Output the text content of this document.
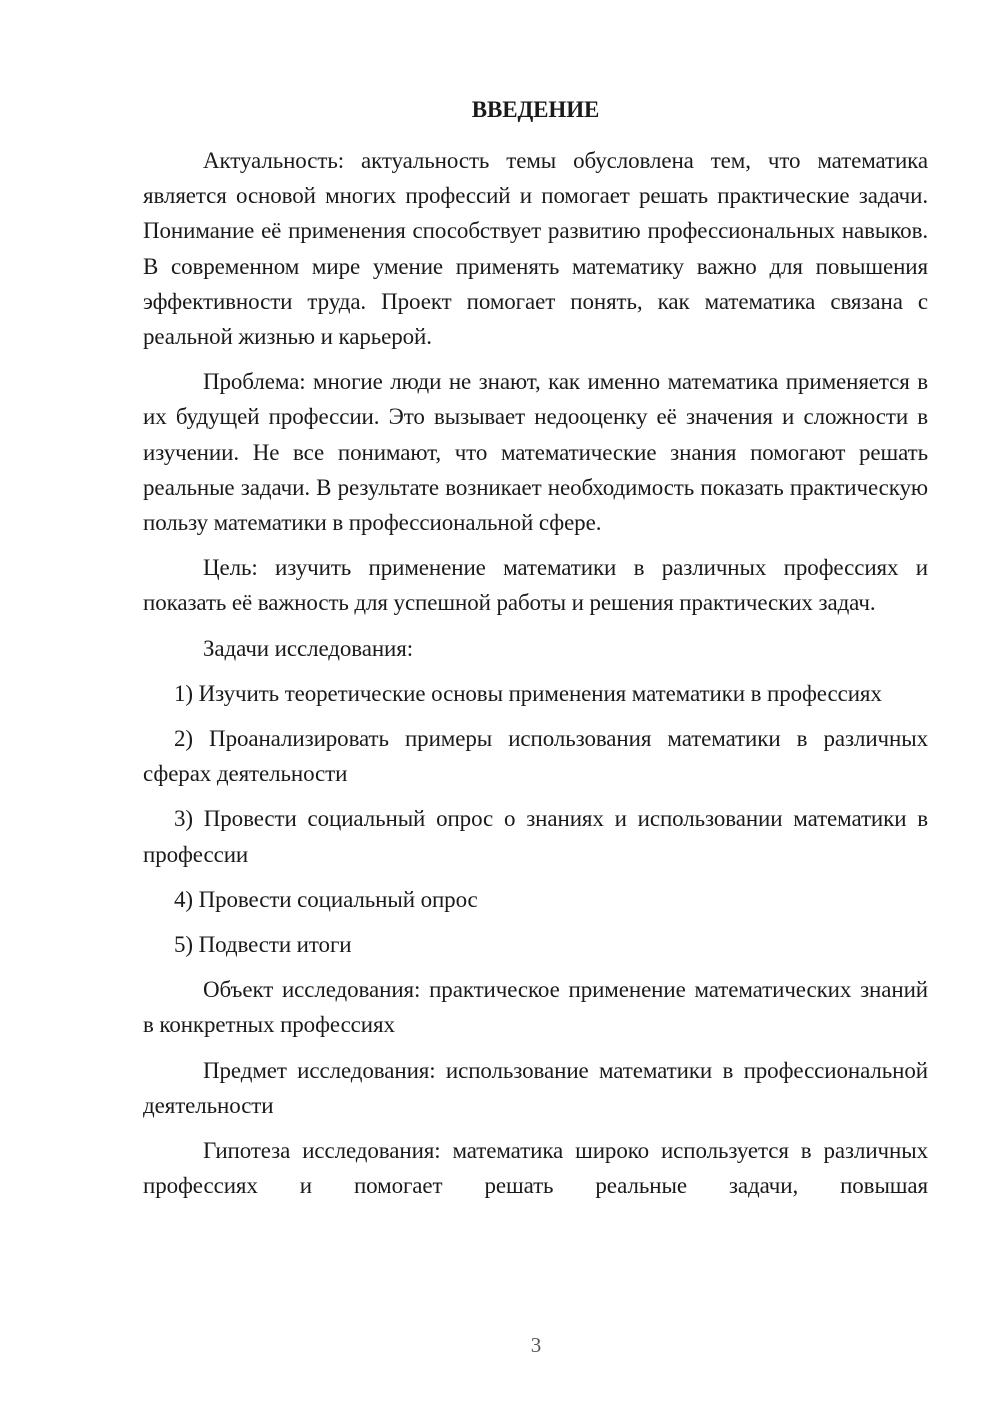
ВВЕДЕНИЕ

Актуальность: актуальность темы обусловлена тем, что математика является основой многих профессий и помогает решать практические задачи. Понимание её применения способствует развитию профессиональных навыков. В современном мире умение применять математику важно для повышения эффективности труда. Проект помогает понять, как математика связана с реальной жизнью и карьерой.

Проблема: многие люди не знают, как именно математика применяется в их будущей профессии. Это вызывает недооценку её значения и сложности в изучении. Не все понимают, что математические знания помогают решать реальные задачи. В результате возникает необходимость показать практическую пользу математики в профессиональной сфере.

Цель: изучить применение математики в различных профессиях и показать её важность для успешной работы и решения практических задач.

Задачи исследования:

1) Изучить теоретические основы применения математики в профессиях

2) Проанализировать примеры использования математики в различных сферах деятельности

3) Провести социальный опрос о знаниях и использовании математики в профессии

4) Провести социальный опрос

5) Подвести итоги

Объект исследования: практическое применение математических знаний в конкретных профессиях

Предмет исследования: использование математики в профессиональной деятельности

Гипотеза исследования: математика широко используется в различных профессиях и помогает решать реальные задачи, повышая

3
